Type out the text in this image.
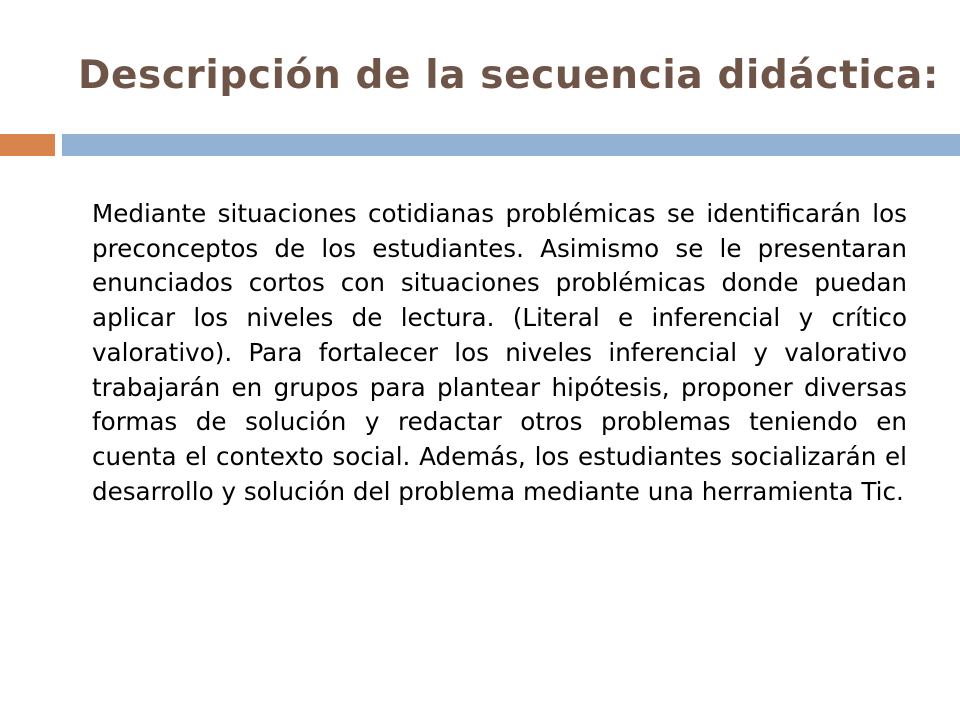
Descripción de la secuencia didáctica:

Mediante situaciones cotidianas problémicas se identificarán los preconceptos de los estudiantes. Asimismo se le presentaran enunciados cortos con situaciones problémicas donde puedan aplicar los niveles de lectura. (Literal e inferencial y crítico valorativo). Para fortalecer los niveles inferencial y valorativo trabajarán en grupos para plantear hipótesis, proponer diversas formas de solución y redactar otros problemas teniendo en cuenta el contexto social. Además, los estudiantes socializarán el desarrollo y solución del problema mediante una herramienta Tic.
